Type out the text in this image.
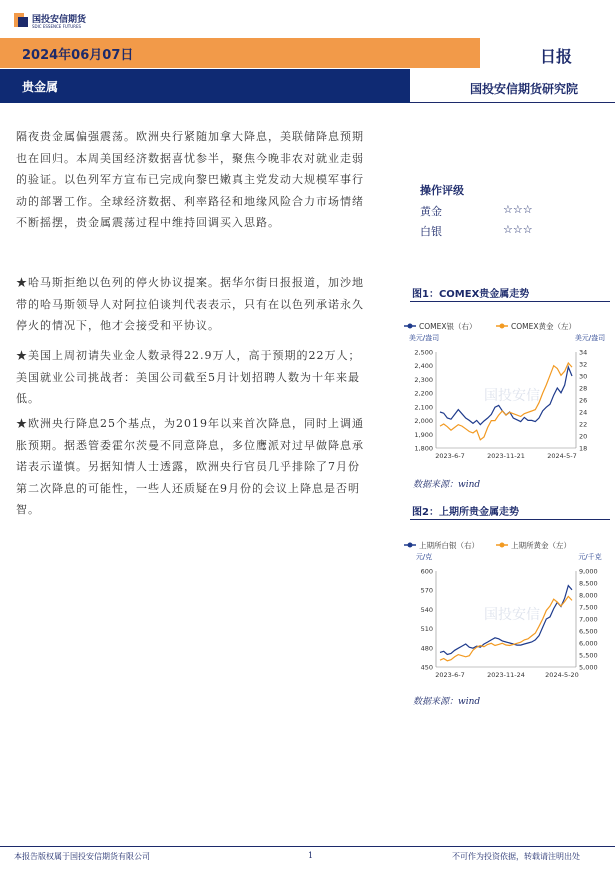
国投安信期货
SDIC ESSENCE FUTURES
2024年06月07日	日报
贵金属	国投安信期货研究院
隔夜贵金属偏强震荡。欧洲央行紧随加拿大降息，美联储降息预期也在回归。本周美国经济数据喜忧参半，聚焦今晚非农对就业走弱的验证。以色列军方宣布已完成向黎巴嫩真主党发动大规模军事行动的部署工作。全球经济数据、利率路径和地缘风险合力市场情绪不断摇摆，贵金属震荡过程中维持回调买入思路。
★哈马斯拒绝以色列的停火协议提案。据华尔街日报报道，加沙地带的哈马斯领导人对阿拉伯谈判代表表示，只有在以色列承诺永久停火的情况下，他才会接受和平协议。
★美国上周初请失业金人数录得22.9万人，高于预期的22万人；美国就业公司挑战者：美国公司截至5月计划招聘人数为十年来最低。
★欧洲央行降息25个基点，为2019年以来首次降息，同时上调通胀预期。据悉管委霍尔茨曼不同意降息，多位鹰派对过早做降息承诺表示谨慎。另据知情人士透露，欧洲央行官员几乎排除了7月份第二次降息的可能性，一些人还质疑在9月份的会议上降息是否明智。
操作评级
黄金	☆☆☆
白银	☆☆☆
图1：COMEX贵金属走势
COMEX银（右）	COMEX黄金（左）
美元/盎司	美元/盎司
2,500
2,400
2,300
2,200
2,100
2,000
1,900
1,800
34
32
30
28
26
24
22
20
18
2023-6-7	2023-11-21	2024-5-7
国投安信
数据来源：wind
图2：上期所贵金属走势
上期所白银（右）	上期所黄金（左）
元/克	元/千克
600
570
540
510
480
450
9,000
8,500
8,000
7,500
7,000
6,500
6,000
5,500
5,000
2023-6-7	2023-11-24	2024-5-20
国投安信
数据来源：wind
本报告版权属于国投安信期货有限公司	1	不可作为投资依据，转载请注明出处
